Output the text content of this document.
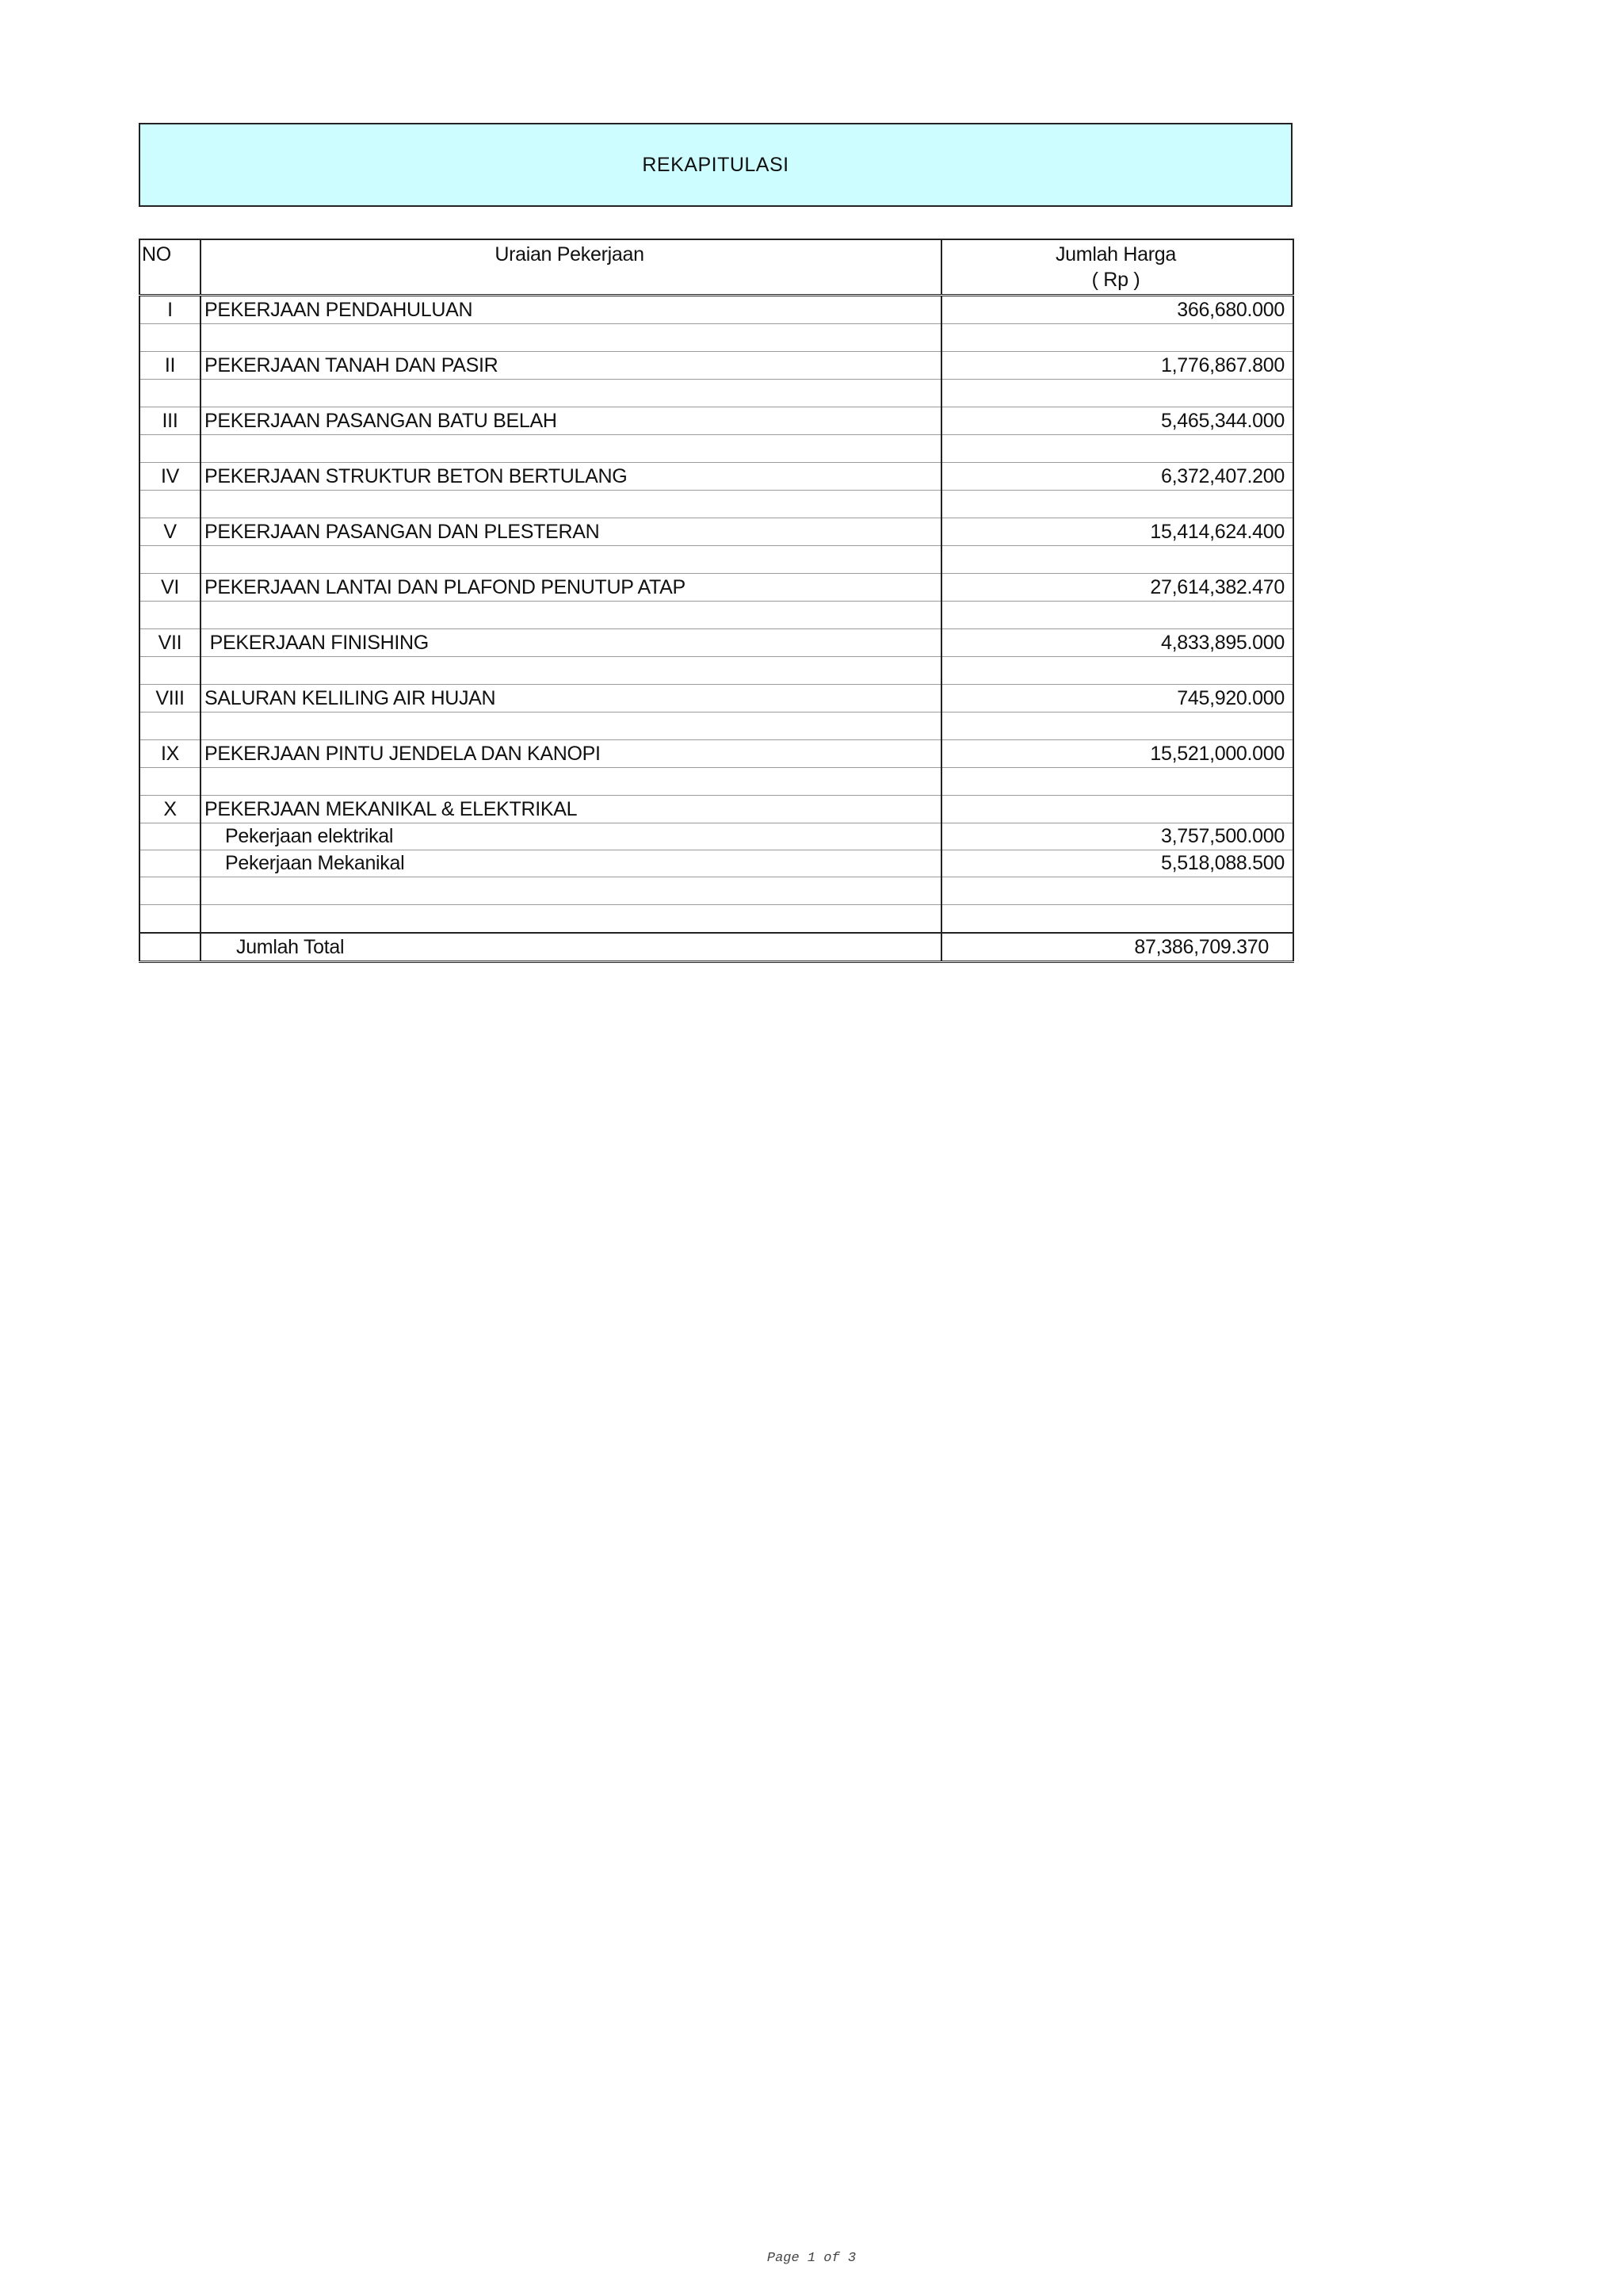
REKAPITULASI
NO	Uraian Pekerjaan	Jumlah Harga
( Rp )

I	PEKERJAAN PENDAHULUAN	366,680.000

II	PEKERJAAN TANAH DAN PASIR	1,776,867.800

III	PEKERJAAN PASANGAN BATU BELAH	5,465,344.000

IV	PEKERJAAN STRUKTUR BETON BERTULANG	6,372,407.200

V	PEKERJAAN PASANGAN DAN PLESTERAN	15,414,624.400

VI	PEKERJAAN LANTAI DAN PLAFOND PENUTUP ATAP	27,614,382.470

VII	PEKERJAAN FINISHING	4,833,895.000

VIII	SALURAN KELILING AIR HUJAN	745,920.000

IX	PEKERJAAN PINTU JENDELA DAN KANOPI	15,521,000.000

X	PEKERJAAN MEKANIKAL & ELEKTRIKAL	
	Pekerjaan elektrikal	3,757,500.000
	Pekerjaan Mekanikal	5,518,088.500

	Jumlah Total	87,386,709.370
Page 1 of 3
